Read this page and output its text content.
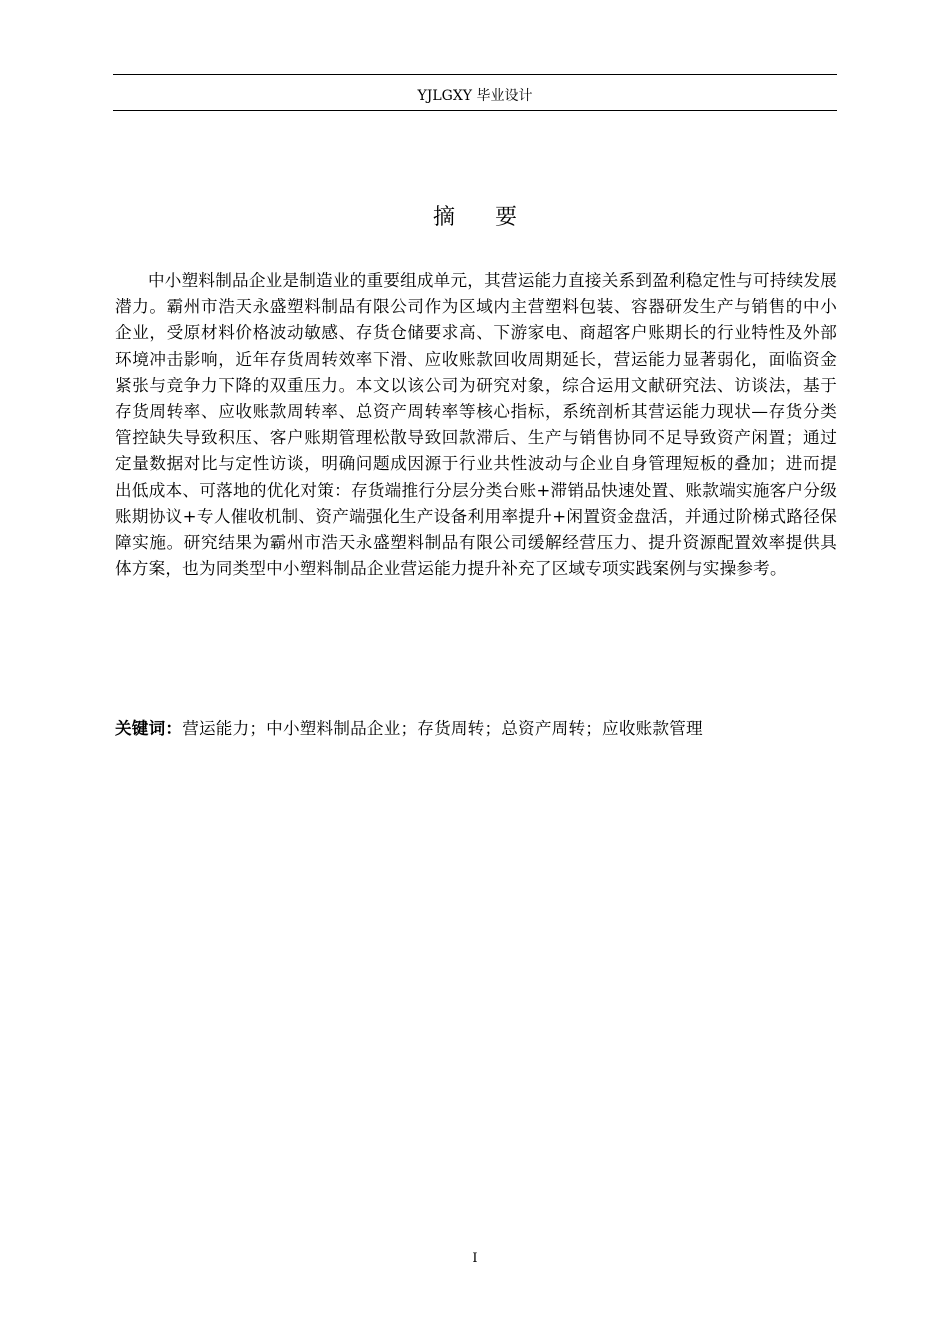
YJLGXY 毕业设计
摘要

中小塑料制品企业是制造业的重要组成单元，其营运能力直接关系到盈利稳定性与可持续发展潜力。霸州市浩天永盛塑料制品有限公司作为区域内主营塑料包装、容器研发生产与销售的中小企业，受原材料价格波动敏感、存货仓储要求高、下游家电、商超客户账期长的行业特性及外部环境冲击影响，近年存货周转效率下滑、应收账款回收周期延长，营运能力显著弱化，面临资金紧张与竞争力下降的双重压力。本文以该公司为研究对象，综合运用文献研究法、访谈法，基于存货周转率、应收账款周转率、总资产周转率等核心指标，系统剖析其营运能力现状—存货分类管控缺失导致积压、客户账期管理松散导致回款滞后、生产与销售协同不足导致资产闲置；通过定量数据对比与定性访谈，明确问题成因源于行业共性波动与企业自身管理短板的叠加；进而提出低成本、可落地的优化对策：存货端推行分层分类台账+滞销品快速处置、账款端实施客户分级账期协议+专人催收机制、资产端强化生产设备利用率提升+闲置资金盘活，并通过阶梯式路径保障实施。研究结果为霸州市浩天永盛塑料制品有限公司缓解经营压力、提升资源配置效率提供具体方案，也为同类型中小塑料制品企业营运能力提升补充了区域专项实践案例与实操参考。

关键词：营运能力；中小塑料制品企业；存货周转；总资产周转；应收账款管理

I
